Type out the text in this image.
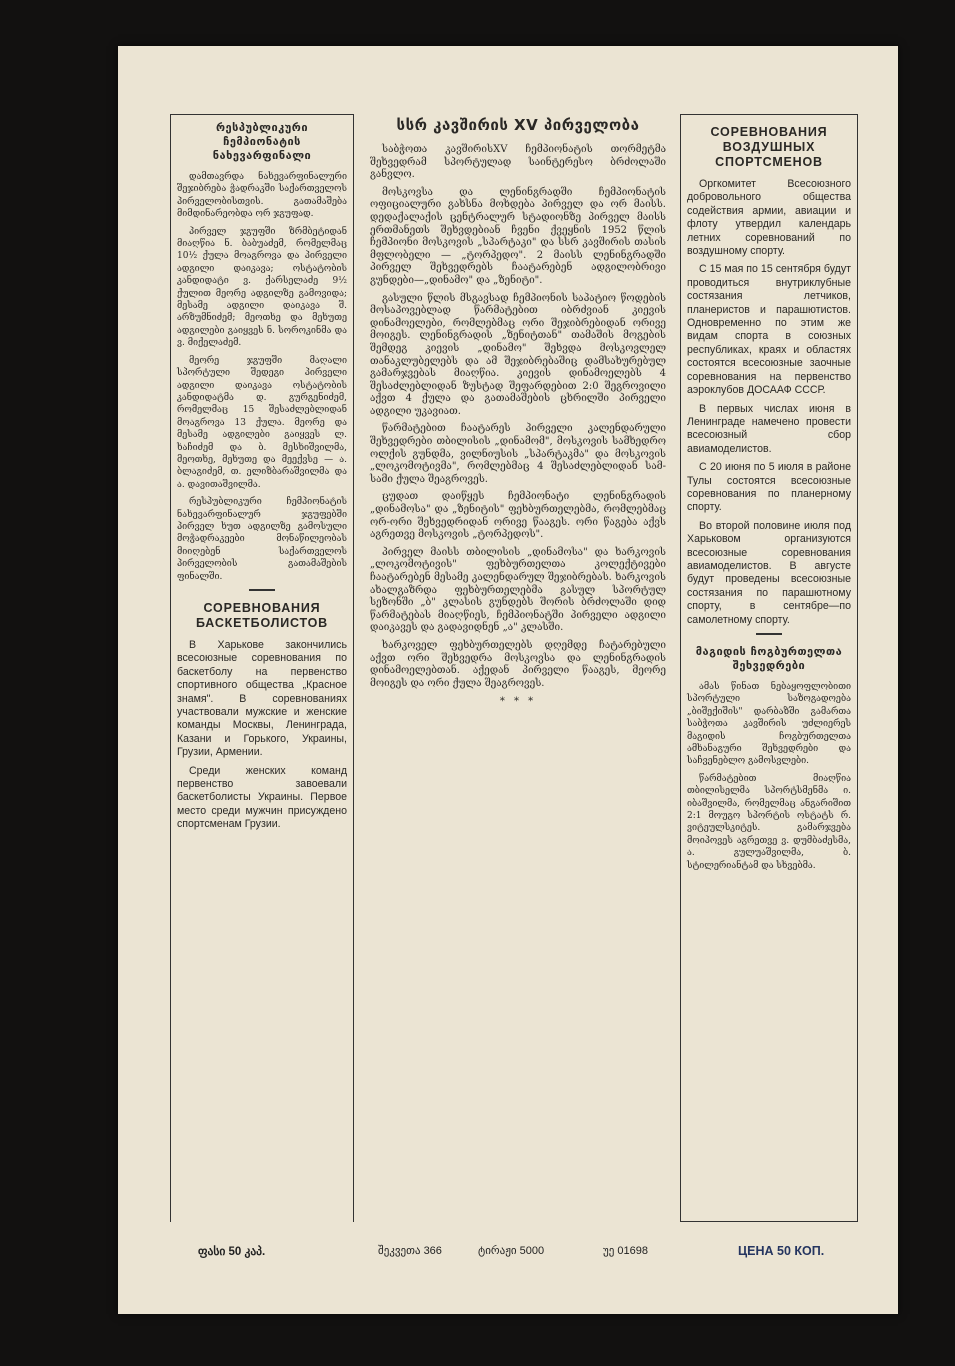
რესპუბლიკური ჩემპიონატის ნახევარფინალი

დამთავრდა ნახევარფინალური შეჯიბრება ჭადრაკში საქართველოს პირველობისთვის. გათამაშება მიმდინარეობდა ორ ჯგუფად.

პირველ ჯგუფში ზრმბეტიდან მიაღწია ნ. ბაბუაძემ, რომელმაც 10½ ქულა მოაგროვა და პირველი ადგილი დაიკავა; ოსტატობის კანდიდატი ვ. ქარსელაძე 9½ ქულით მეორე ადგილზე გამოვიდა; მესამე ადგილი დაიკავა შ. არზუმნიძემ; მეოთხე და მეხუთე ადგილები გაიყვეს ნ. სოროკინმა და ვ. მიქელაძემ.

მეორე ჯგუფში მაღალი სპორტული შედეგი პირველი ადგილი დაიკავა ოსტატობის კანდიდატმა დ. გურგენიძემ, რომელმაც 15 შესაძლებლიდან მოაგროვა 13 ქულა. მეორე და მესამე ადგილები გაიყვეს ლ. ხაჩიძემ და ბ. მესხიშვილმა, მეოთხე, მეხუთე და მეექვსე — ა. ბლაგიძემ, თ. ელიზბარაშვილმა და ა. დავითაშვილმა.

რესპუბლიკური ჩემპიონატის ნახევარფინალურ ჯგუფებში პირველ ხუთ ადგილზე გამოსული მოჭადრაკეები მონაწილეობას მიიღებენ საქართველოს პირველობის გათამაშების ფინალში.

СОРЕВНОВАНИЯ БАСКЕТБОЛИСТОВ

В Харькове закончились всесоюзные соревнования по баскетболу на первенство спортивного общества „Красное знамя". В соревнованиях участвовали мужские и женские команды Москвы, Ленинграда, Казани и Горького, Украины, Грузии, Армении.

Среди женских команд первенство завоевали баскетболисты Украины. Первое место среди мужчин присуждено спортсменам Грузии.

სსრ კავშირის XV პირველობა

საბჭოთა კავშირისXV ჩემპიონატის თორმეტმა შეხვედრამ სპორტულად საინტერესო ბრძოლაში განვლო.

მოსკოვსა და ლენინგრადში ჩემპიონატის ოფიციალური გახსნა მოხდება პირველ და ორ მაისს. დედაქალაქის ცენტრალურ სტადიონზე პირველ მაისს ერთმანეთს შეხვდებიან ჩვენი ქვეყნის 1952 წლის ჩემპიონი მოსკოვის „სპარტაკი" და სსრ კავშირის თასის მფლობელი — „ტორპედო". 2 მაისს ლენინგრადში პირველ შეხვედრებს ჩაატარებენ ადგილობრივი გუნდები—„დინამო" და „ზენიტი".

გასული წლის მსგავსად ჩემპიონის საპატიო წოდების მოსაპოვებლად წარმატებით იბრძვიან კიევის დინამოელები, რომლებმაც ორი შეჯიბრებიდან ორივე მოიგეს. ლენინგრადის „ზენიტთან" თამაშის მოგების შემდეგ კიევის „დინამო" შეხვდა მოსკოვლელ თანაკლუბელებს და ამ შეჯიბრებაშიც დამსახურებულ გამარჯვებას მიაღწია. კიევის დინამოელებს 4 შესაძლებლიდან ზუსტად შეფარდებით 2:0 შეგროვილი აქვთ 4 ქულა და გათამაშების ცხრილში პირველი ადგილი უკავიათ.

წარმატებით ჩაატარეს პირველი კალენდარული შეხვედრები თბილისის „დინამომ", მოსკოვის სამხედრო ოლქის გუნდმა, ვილნიუსის „სპარტაკმა" და მოსკოვის „ლოკომოტივმა", რომლებმაც 4 შესაძლებლიდან სამ-სამი ქულა შეაგროვეს.

ცუდათ დაიწყეს ჩემპიონატი ლენინგრადის „დინამოსა" და „ზენიტის" ფეხბურთელებმა, რომლებმაც ორ-ორი შეხვედრიდან ორივე წააგეს. ორი წაგება აქვს აგრეთვე მოსკოვის „ტორპედოს".

პირველ მაისს თბილისის „დინამოსა" და ხარკოვის „ლოკომოტივის" ფეხბურთელთა კოლექტივები ჩაატარებენ მესამე კალენდარულ შეჯიბრებას. ხარკოვის ახალგაზრდა ფეხბურთელებმა გასულ სპორტულ სეზონში „ბ" კლასის გუნდებს შორის ბრძოლაში დიდ წარმატებას მიაღწიეს, ჩემპიონატში პირველი ადგილი დაიკავეს და გადავიდნენ „ა" კლასში.

ხარკოველ ფეხბურთელებს დღემდე ჩატარებული აქვთ ორი შეხვედრა მოსკოვსა და ლენინგრადის დინამოელებთან. აქედან პირველი წააგეს, მეორე მოიგეს და ორი ქულა შეაგროვეს.

* * *
СОРЕВНОВАНИЯ ВОЗДУШНЫХ СПОРТСМЕНОВ

Оргкомитет Всесоюзного добровольного общества содействия армии, авиации и флоту утвердил календарь летних соревнований по воздушному спорту.

С 15 мая по 15 сентября будут проводиться внутриклубные состязания летчиков, планеристов и парашютистов. Одновременно по этим же видам спорта в союзных республиках, краях и областях состоятся всесоюзные заочные соревнования на первенство аэроклубов ДОСААФ СССР.

В первых числах июня в Ленинграде намечено провести всесоюзный сбор авиамоделистов.

С 20 июня по 5 июля в районе Тулы состоятся всесоюзные соревнования по планерному спорту.

Во второй половине июля под Харьковом организуются всесоюзные соревнования авиамоделистов. В августе будут проведены всесоюзные состязания по парашютному спорту, в сентябре—по самолетному спорту.

მაგიდის ჩოგბურთელთა შეხვედრები

ამას წინათ ნებაყოფლობითი სპორტული საზოგადოება „ბიშექიშის" დარბაზში გამართა საბჭოთა კავშირის უძლიერეს მაგიდის ჩოგბურთელთა ამხანაგური შეხვედრები და საჩვენებლო გამოსვლები.

წარმატებით მიაღწია თბილისელმა სპორტსმენმა ი. იბაშვილმა, რომელმაც ანგარიშით 2:1 მოუგო სპორტის ოსტატს რ. ვიტეულსკიტეს. გამარჯვება მოიპოვეს აგრეთვე ვ. დუმბაძესმა, ა. გულუაშვილმა, ბ. სტილერიანტამ და სხვებმა.

ფასი 50 კაპ.	შეკვეთა 366	ტირაჟი 5000	უე 01698	ЦЕНА 50 КОП.
